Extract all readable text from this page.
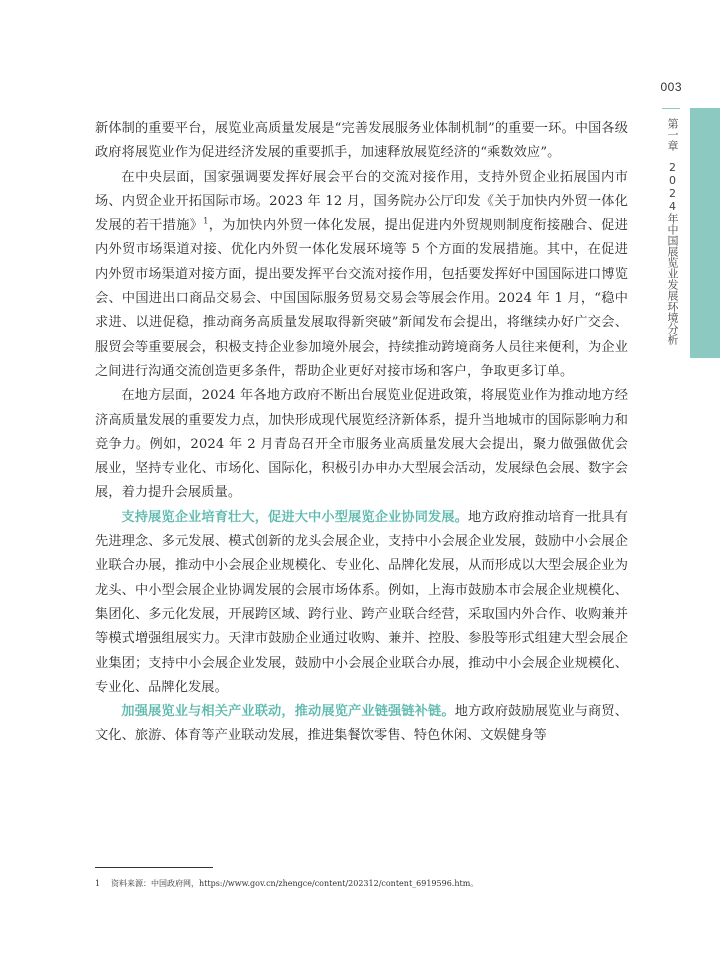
003
第一章2024年中国展览业发展环境分析

新体制的重要平台，展览业高质量发展是“完善发展服务业体制机制”的重要一环。中国各级政府将展览业作为促进经济发展的重要抓手，加速释放展览经济的“乘数效应”。

在中央层面，国家强调要发挥好展会平台的交流对接作用，支持外贸企业拓展国内市场、内贸企业开拓国际市场。2023 年 12 月，国务院办公厅印发《关于加快内外贸一体化发展的若干措施》$^1$，为加快内外贸一体化发展，提出促进内外贸规则制度衔接融合、促进内外贸市场渠道对接、优化内外贸一体化发展环境等 5 个方面的发展措施。其中，在促进内外贸市场渠道对接方面，提出要发挥平台交流对接作用，包括要发挥好中国国际进口博览会、中国进出口商品交易会、中国国际服务贸易交易会等展会作用。2024 年 1 月，“稳中求进、以进促稳，推动商务高质量发展取得新突破”新闻发布会提出，将继续办好广交会、服贸会等重要展会，积极支持企业参加境外展会，持续推动跨境商务人员往来便利，为企业之间进行沟通交流创造更多条件，帮助企业更好对接市场和客户，争取更多订单。

在地方层面，2024 年各地方政府不断出台展览业促进政策，将展览业作为推动地方经济高质量发展的重要发力点，加快形成现代展览经济新体系，提升当地城市的国际影响力和竞争力。例如，2024 年 2 月青岛召开全市服务业高质量发展大会提出，聚力做强做优会展业，坚持专业化、市场化、国际化，积极引办申办大型展会活动，发展绿色会展、数字会展，着力提升会展质量。

支持展览企业培育壮大，促进大中小型展览企业协同发展。地方政府推动培育一批具有先进理念、多元发展、模式创新的龙头会展企业，支持中小会展企业发展，鼓励中小会展企业联合办展，推动中小会展企业规模化、专业化、品牌化发展，从而形成以大型会展企业为龙头、中小型会展企业协调发展的会展市场体系。例如，上海市鼓励本市会展企业规模化、集团化、多元化发展，开展跨区域、跨行业、跨产业联合经营，采取国内外合作、收购兼并等模式增强组展实力。天津市鼓励企业通过收购、兼并、控股、参股等形式组建大型会展企业集团；支持中小会展企业发展，鼓励中小会展企业联合办展，推动中小会展企业规模化、专业化、品牌化发展。

加强展览业与相关产业联动，推动展览产业链强链补链。地方政府鼓励展览业与商贸、文化、旅游、体育等产业联动发展，推进集餐饮零售、特色休闲、文娱健身等

1 资料来源：中国政府网，https://www.gov.cn/zhengce/content/202312/content_6919596.htm。
